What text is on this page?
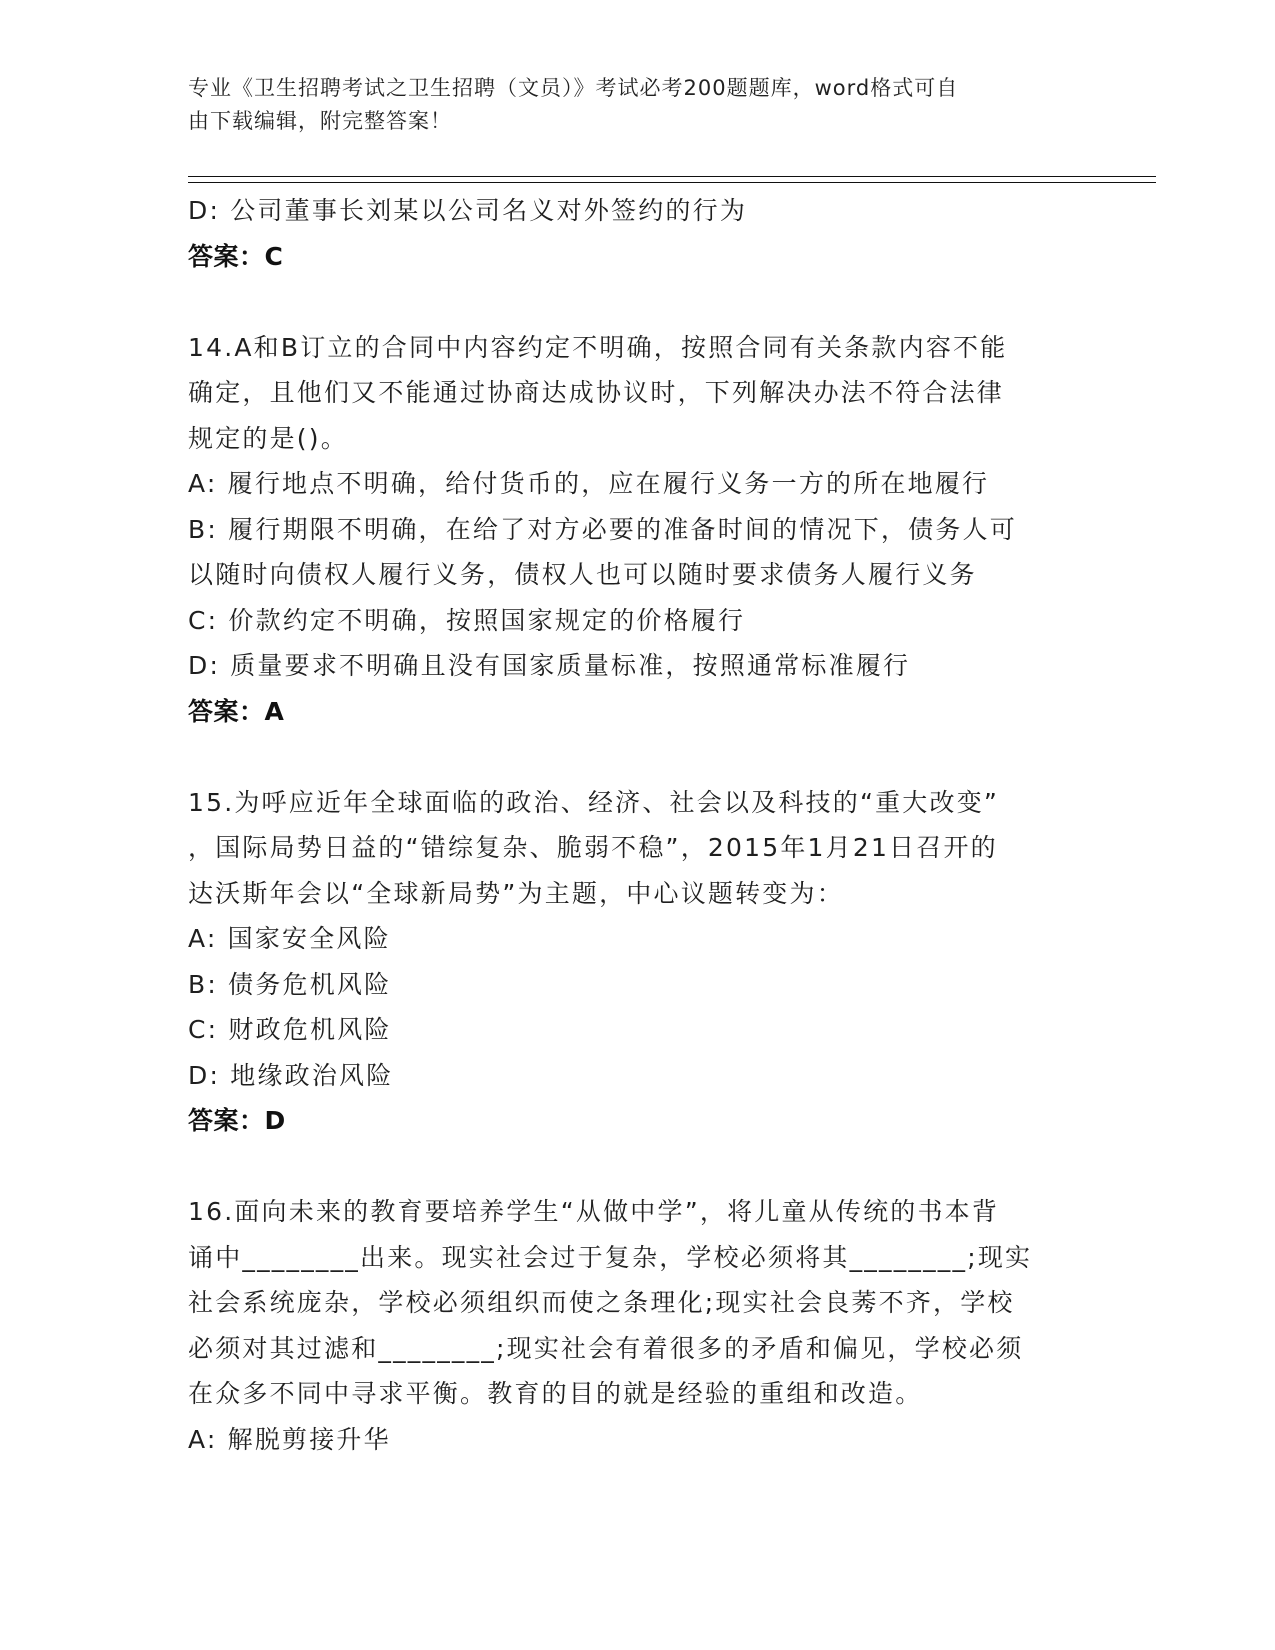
专业《卫生招聘考试之卫生招聘（文员）》考试必考200题题库，word格式可自
由下载编辑，附完整答案！
D: 公司董事长刘某以公司名义对外签约的行为
答案：C
14.A和B订立的合同中内容约定不明确，按照合同有关条款内容不能
确定，且他们又不能通过协商达成协议时，下列解决办法不符合法律
规定的是()。
A: 履行地点不明确，给付货币的，应在履行义务一方的所在地履行
B: 履行期限不明确，在给了对方必要的准备时间的情况下，债务人可
以随时向债权人履行义务，债权人也可以随时要求债务人履行义务
C: 价款约定不明确，按照国家规定的价格履行
D: 质量要求不明确且没有国家质量标准，按照通常标准履行
答案：A
15.为呼应近年全球面临的政治、经济、社会以及科技的“重大改变”
，国际局势日益的“错综复杂、脆弱不稳”，2015年1月21日召开的
达沃斯年会以“全球新局势”为主题，中心议题转变为：
A: 国家安全风险
B: 债务危机风险
C: 财政危机风险
D: 地缘政治风险
答案：D
16.面向未来的教育要培养学生“从做中学”，将儿童从传统的书本背
诵中________出来。现实社会过于复杂，学校必须将其________;现实
社会系统庞杂，学校必须组织而使之条理化;现实社会良莠不齐，学校
必须对其过滤和________;现实社会有着很多的矛盾和偏见，学校必须
在众多不同中寻求平衡。教育的目的就是经验的重组和改造。
A: 解脱剪接升华
